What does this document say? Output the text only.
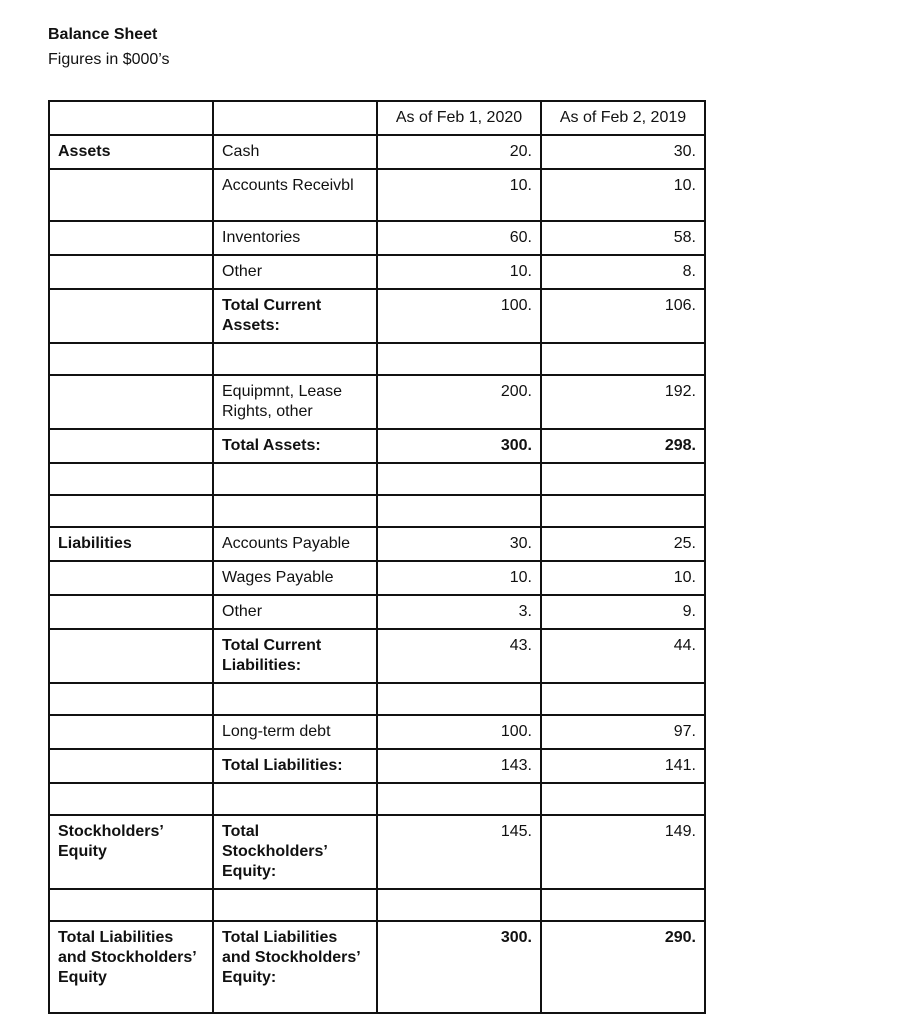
Balance Sheet
Figures in $000’s
		As of Feb 1, 2020	As of Feb 2, 2019
Assets	Cash	20.	30.
	Accounts Receivbl	10.	10.
	Inventories	60.	58.
	Other	10.	8.
	Total Current Assets:	100.	106.

	Equipmnt, Lease Rights, other	200.	192.
	Total Assets:	300.	298.

Liabilities	Accounts Payable	30.	25.
	Wages Payable	10.	10.
	Other	3.	9.
	Total Current Liabilities:	43.	44.

	Long-term debt	100.	97.
	Total Liabilities:	143.	141.

Stockholders’ Equity	Total Stockholders’ Equity:	145.	149.

Total Liabilities and Stockholders’ Equity	Total Liabilities and Stockholders’ Equity:	300.	290.
